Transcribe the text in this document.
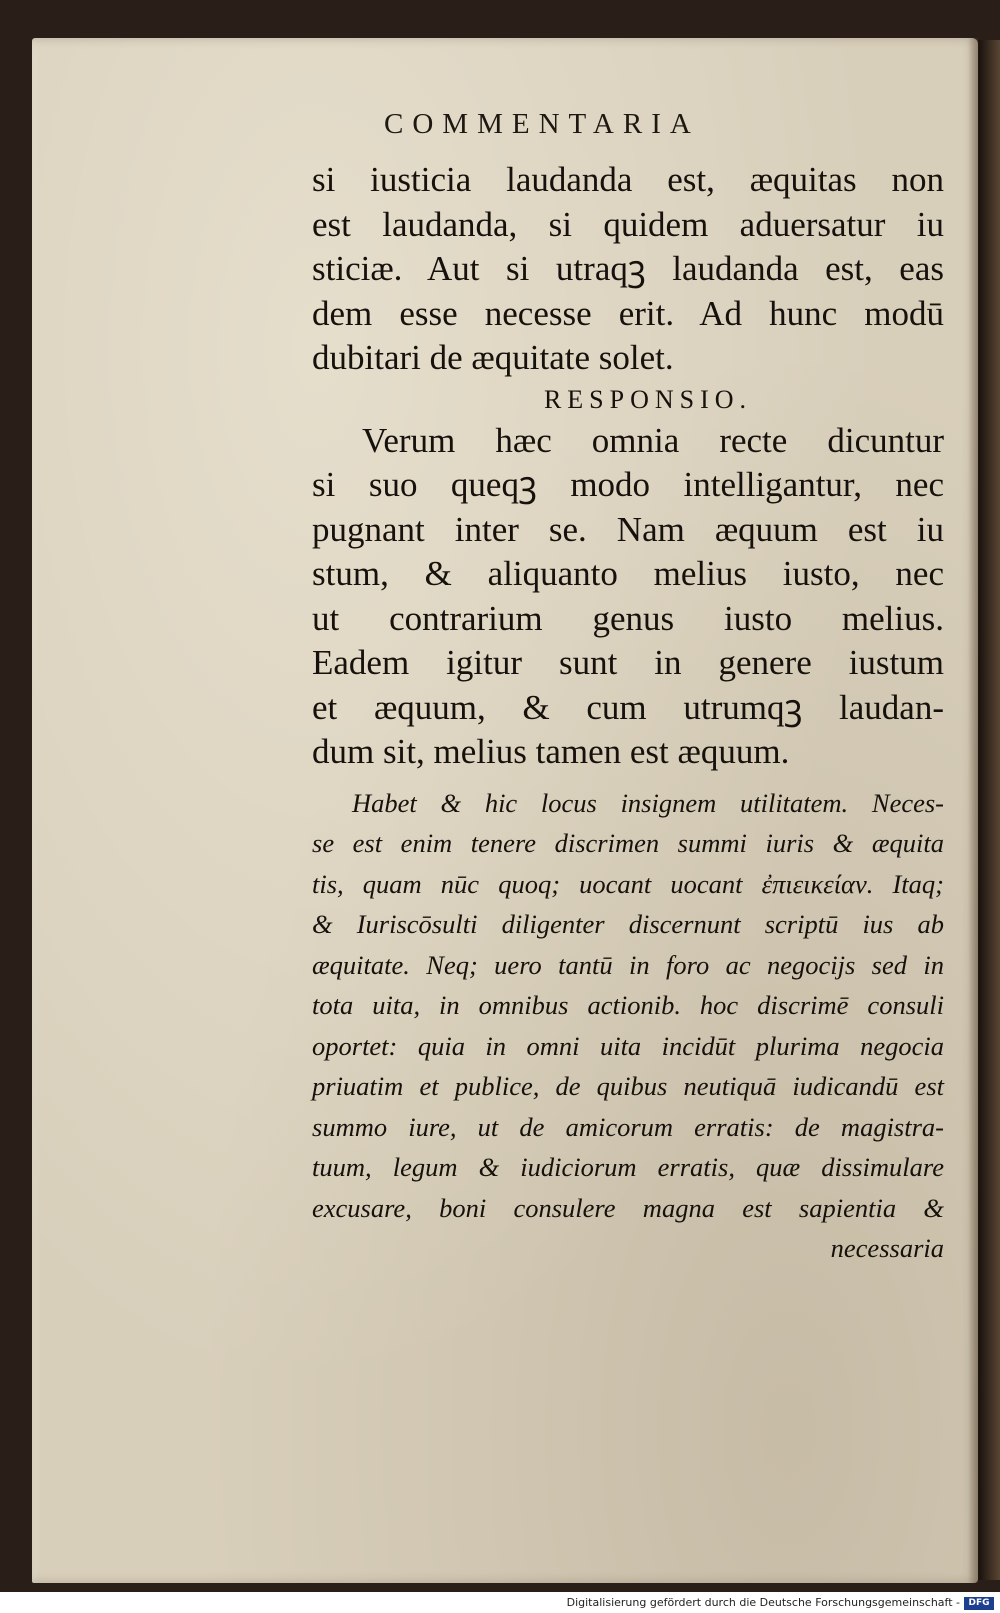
COMMENTARIA
si iusticia laudanda est, æquitas non
est laudanda, si quidem aduersatur iu
sticiæ. Aut si utraqꝫ laudanda est, eas
dem esse necesse erit. Ad hunc modū
dubitari de æquitate solet.
RESPONSIO.
Verum hæc omnia recte dicuntur
si suo queqꝫ modo intelligantur, nec
pugnant inter se. Nam æquum est iu
stum, & aliquanto melius iusto, nec
ut contrarium genus iusto melius.
Eadem igitur sunt in genere iustum
et æquum, & cum utrumqꝫ laudan-
dum sit, melius tamen est æquum.
Habet & hic locus insignem utilitatem. Neces-
se est enim tenere discrimen summi iuris & æquita
tis, quam nūc quoq; uocant uocant ἐπιεικείαν. Itaq;
& Iuriscōsulti diligenter discernunt scriptū ius ab
æquitate. Neq; uero tantū in foro ac negocijs sed in
tota uita, in omnibus actionib. hoc discrimē consuli
oportet: quia in omni uita incidūt plurima negocia
priuatim et publice, de quibus neutiquā iudicandū est
summo iure, ut de amicorum erratis: de magistra-
tuum, legum & iudiciorum erratis, quæ dissimulare
excusare, boni consulere magna est sapientia &
necessaria
Digitalisierung gefördert durch die Deutsche Forschungsgemeinschaft - DFG
